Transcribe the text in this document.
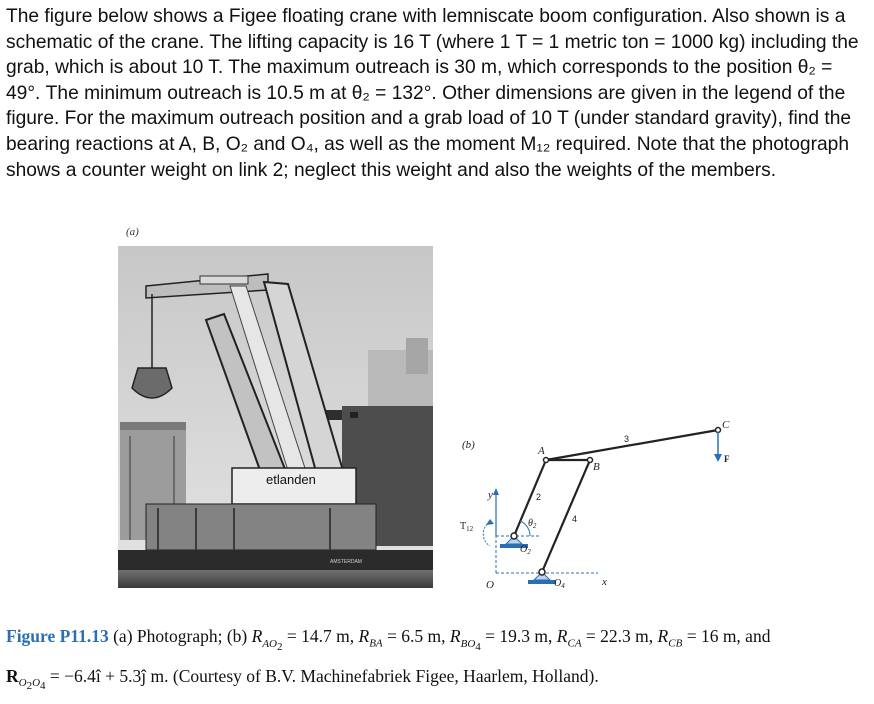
The figure below shows a Figee floating crane with lemniscate boom configuration. Also shown is a schematic of the crane. The lifting capacity is 16 T (where 1 T = 1 metric ton = 1000 kg) including the grab, which is about 10 T. The maximum outreach is 30 m, which corresponds to the position θ₂ = 49°. The minimum outreach is 10.5 m at θ₂ = 132°. Other dimensions are given in the legend of the figure. For the maximum outreach position and a grab load of 10 T (under standard gravity), find the bearing reactions at A, B, O₂ and O₄, as well as the moment M₁₂ required. Note that the photograph shows a counter weight on link 2; neglect this weight and also the weights of the members.

(a)
etlanden
AMSTERDAM
y
x
O
(b)	A
B
C
$O_2$
$O_4$
2
4
3
$\theta_2$
$T_{12}$
F
Figure P11.13 (a) Photograph; (b) $R_{AO_2} = 14.7$ m, $R_{BA} = 6.5$ m, $R_{BO_4} = 19.3$ m, $R_{CA} = 22.3$ m, $R_{CB} = 16$ m, and
$R_{O_2O_4}$ = −6.4î + 5.3ĵ m. (Courtesy of B.V. Machinefabriek Figee, Haarlem, Holland).
